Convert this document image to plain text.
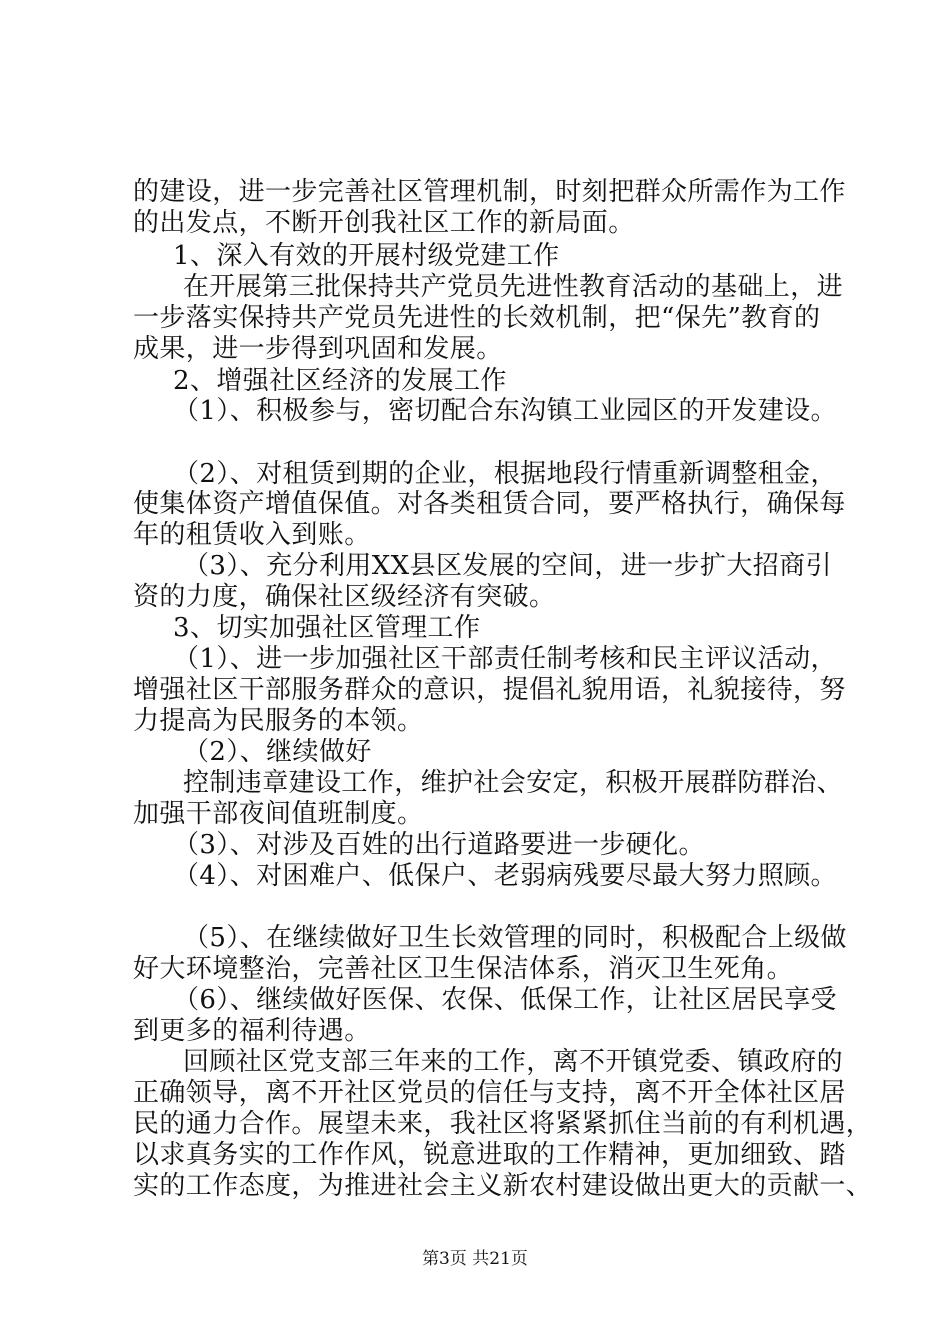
的建设，进一步完善社区管理机制，时刻把群众所需作为工作
的出发点，不断开创我社区工作的新局面。
1、深入有效的开展村级党建工作
在开展第三批保持共产党员先进性教育活动的基础上，进
一步落实保持共产党员先进性的长效机制，把“保先”教育的
成果，进一步得到巩固和发展。
2、增强社区经济的发展工作
（1）、积极参与，密切配合东沟镇工业园区的开发建设。
（2）、对租赁到期的企业，根据地段行情重新调整租金，
使集体资产增值保值。对各类租赁合同，要严格执行，确保每
年的租赁收入到账。
（3）、充分利用XX县区发展的空间，进一步扩大招商引
资的力度，确保社区级经济有突破。
3、切实加强社区管理工作
（1）、进一步加强社区干部责任制考核和民主评议活动，
增强社区干部服务群众的意识，提倡礼貌用语，礼貌接待，努
力提高为民服务的本领。
（2）、继续做好
控制违章建设工作，维护社会安定，积极开展群防群治、
加强干部夜间值班制度。
（3）、对涉及百姓的出行道路要进一步硬化。
（4）、对困难户、低保户、老弱病残要尽最大努力照顾。
（5）、在继续做好卫生长效管理的同时，积极配合上级做
好大环境整治，完善社区卫生保洁体系，消灭卫生死角。
（6）、继续做好医保、农保、低保工作，让社区居民享受
到更多的福利待遇。
回顾社区党支部三年来的工作，离不开镇党委、镇政府的
正确领导，离不开社区党员的信任与支持，离不开全体社区居
民的通力合作。展望未来，我社区将紧紧抓住当前的有利机遇，
以求真务实的工作作风，锐意进取的工作精神，更加细致、踏
实的工作态度，为推进社会主义新农村建设做出更大的贡献一、
第3页 共21页
